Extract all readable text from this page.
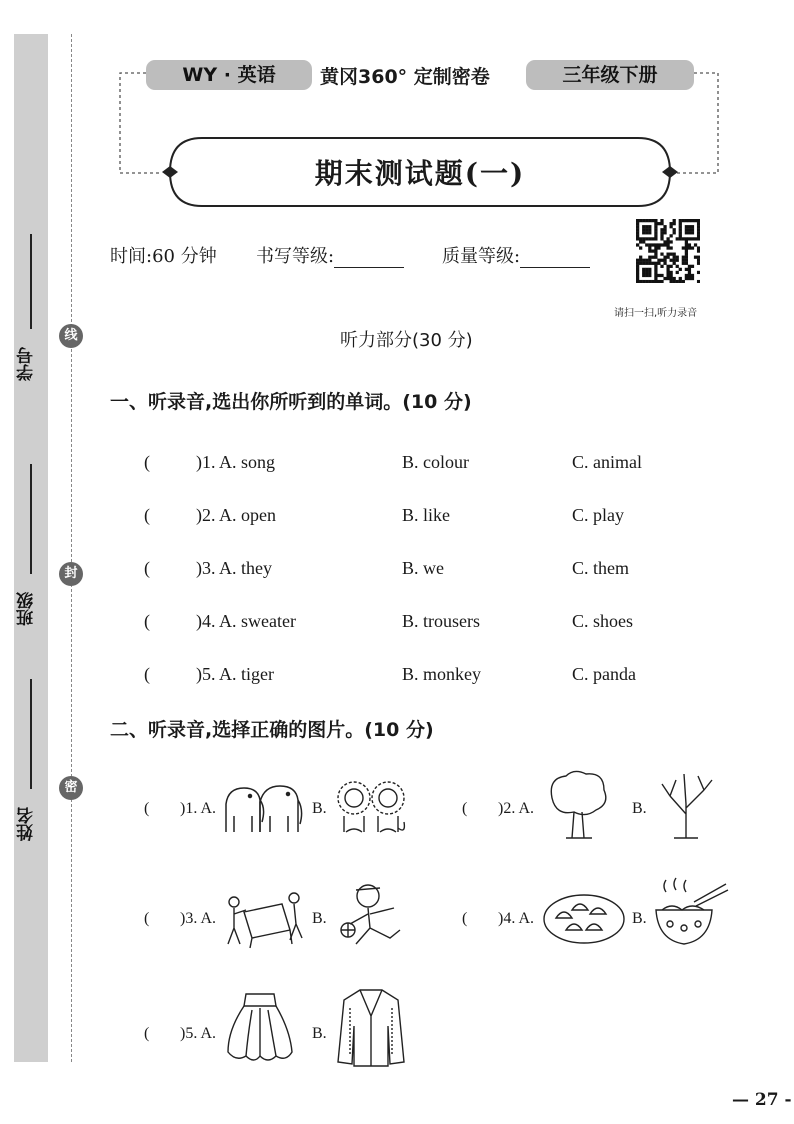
学号
班级
姓名
线
封
密
WY · 英语	黄冈360° 定制密卷	三年级下册
期末测试题(一)
时间:60 分钟 书写等级:	质量等级:
请扫一扫,听力录音
听力部分(30 分)
一、听录音,选出你所听到的单词。(10 分)
(	)1. A. song	B. colour	C. animal
(	)2. A. open	B. like	C. play
(	)3. A. they	B. we	C. them
(	)4. A. sweater	B. trousers	C. shoes
(	)5. A. tiger	B. monkey	C. panda
二、听录音,选择正确的图片。(10 分)
( )1. A.	B.	( )2. A.	B.
( )3. A.	B.	( )4. A.	B.
( )5. A.	B.
— 27 -
